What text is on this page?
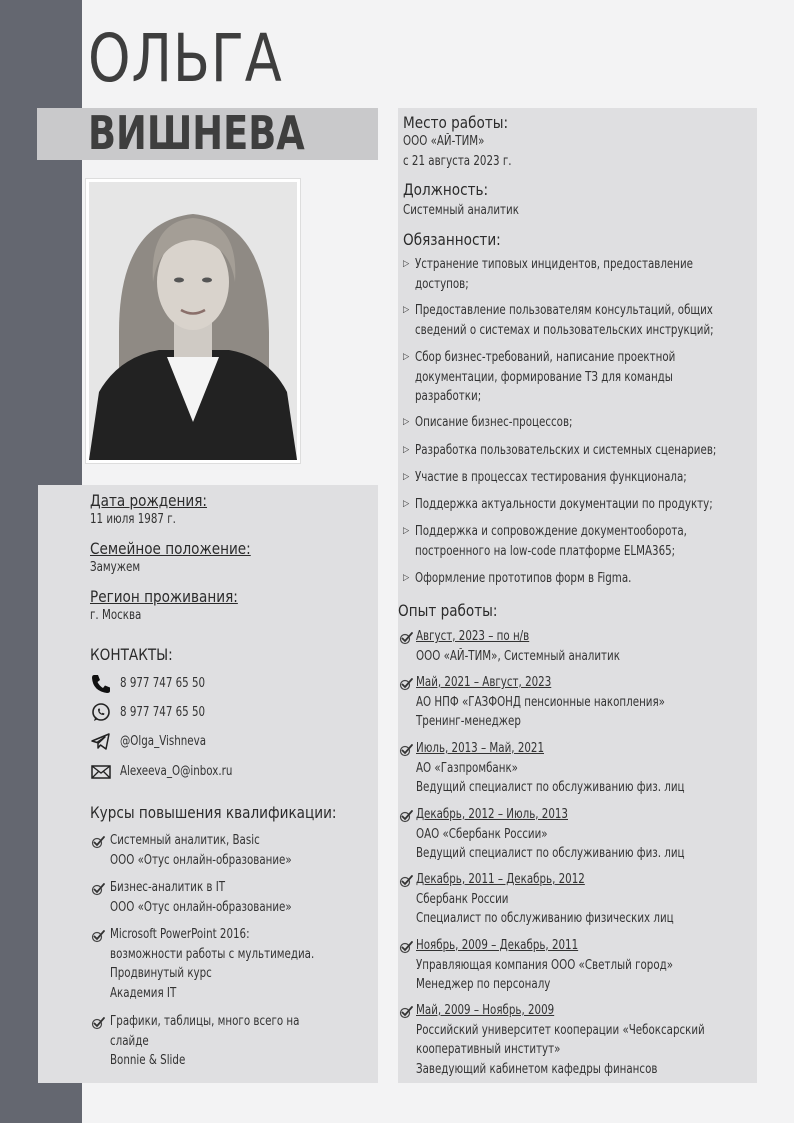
ОЛЬГА
ВИШНЕВА
КОНТАКТЫ:
Курсы повышения квалификации:
Место работы:
ООО «АЙ-ТИМ»
с 21 августа 2023 г.
Должность:
Системный аналитик
Обязанности:
Опыт работы:
Дата рождения:
11 июля 1987 г.
Семейное положение:
Замужем
Регион проживания:
г. Москва
8 977 747 65 50
8 977 747 65 50
@Olga_Vishneva
Alexeeva_O@inbox.ru
Системный аналитик, Basic
ООО «Отус онлайн-образование»
Бизнес-аналитик в IT
ООО «Отус онлайн-образование»
Microsoft PowerPoint 2016:
возможности работы с мультимедиа.
Продвинутый курс
Академия IT
Графики, таблицы, много всего на
слайде
Bonnie & Slide
▷ Устранение типовых инцидентов, предоставление
доступов;
▷ Предоставление пользователям консультаций, общих
сведений о системах и пользовательских инструкций;
▷ Сбор бизнес-требований, написание проектной
документации, формирование ТЗ для команды
разработки;
▷ Описание бизнес-процессов;
▷ Разработка пользовательских и системных сценариев;
▷ Участие в процессах тестирования функционала;
▷ Поддержка актуальности документации по продукту;
▷ Поддержка и сопровождение документооборота,
построенного на low-code платформе ELMA365;
▷ Оформление прототипов форм в Figma.
Август, 2023 – по н/в
ООО «АЙ-ТИМ», Системный аналитик
Май, 2021 – Август, 2023
АО НПФ «ГАЗФОНД пенсионные накопления»
Тренинг-менеджер
Июль, 2013 – Май, 2021
АО «Газпромбанк»
Ведущий специалист по обслуживанию физ. лиц
Декабрь, 2012 – Июль, 2013
ОАО «Сбербанк России»
Ведущий специалист по обслуживанию физ. лиц
Декабрь, 2011 – Декабрь, 2012
Сбербанк России
Специалист по обслуживанию физических лиц
Ноябрь, 2009 – Декабрь, 2011
Управляющая компания ООО «Светлый город»
Менеджер по персоналу
Май, 2009 – Ноябрь, 2009
Российский университет кооперации «Чебоксарский
кооперативный институт»
Заведующий кабинетом кафедры финансов
